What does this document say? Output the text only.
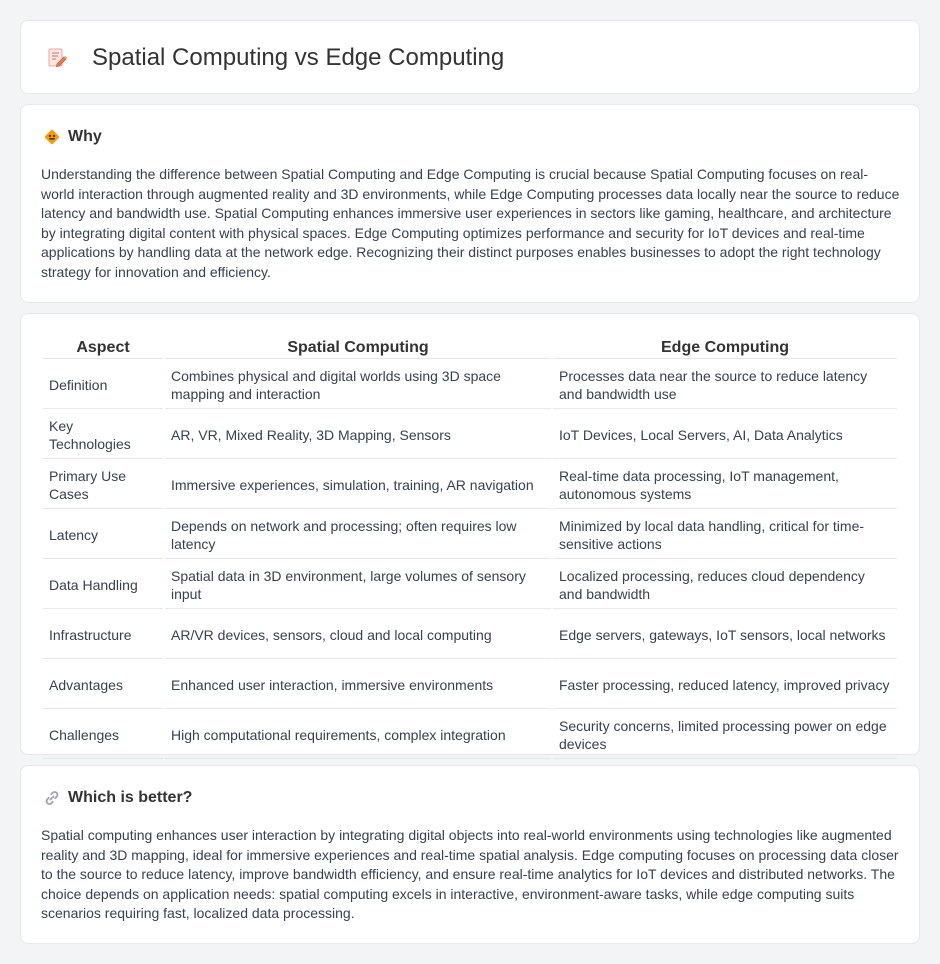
Spatial Computing vs Edge Computing
Why

Understanding the difference between Spatial Computing and Edge Computing is crucial because Spatial Computing focuses on real-world interaction through augmented reality and 3D environments, while Edge Computing processes data locally near the source to reduce latency and bandwidth use. Spatial Computing enhances immersive user experiences in sectors like gaming, healthcare, and architecture by integrating digital content with physical spaces. Edge Computing optimizes performance and security for IoT devices and real-time applications by handling data at the network edge. Recognizing their distinct purposes enables businesses to adopt the right technology strategy for innovation and efficiency.

Aspect	Spatial Computing	Edge Computing
Definition	Combines physical and digital worlds using 3D space mapping and interaction	Processes data near the source to reduce latency and bandwidth use
Key Technologies	AR, VR, Mixed Reality, 3D Mapping, Sensors	IoT Devices, Local Servers, AI, Data Analytics
Primary Use Cases	Immersive experiences, simulation, training, AR navigation	Real-time data processing, IoT management, autonomous systems
Latency	Depends on network and processing; often requires low latency	Minimized by local data handling, critical for time-sensitive actions
Data Handling	Spatial data in 3D environment, large volumes of sensory input	Localized processing, reduces cloud dependency and bandwidth
Infrastructure	AR/VR devices, sensors, cloud and local computing	Edge servers, gateways, IoT sensors, local networks
Advantages	Enhanced user interaction, immersive environments	Faster processing, reduced latency, improved privacy
Challenges	High computational requirements, complex integration	Security concerns, limited processing power on edge devices
Which is better?

Spatial computing enhances user interaction by integrating digital objects into real-world environments using technologies like augmented reality and 3D mapping, ideal for immersive experiences and real-time spatial analysis. Edge computing focuses on processing data closer to the source to reduce latency, improve bandwidth efficiency, and ensure real-time analytics for IoT devices and distributed networks. The choice depends on application needs: spatial computing excels in interactive, environment-aware tasks, while edge computing suits scenarios requiring fast, localized data processing.
